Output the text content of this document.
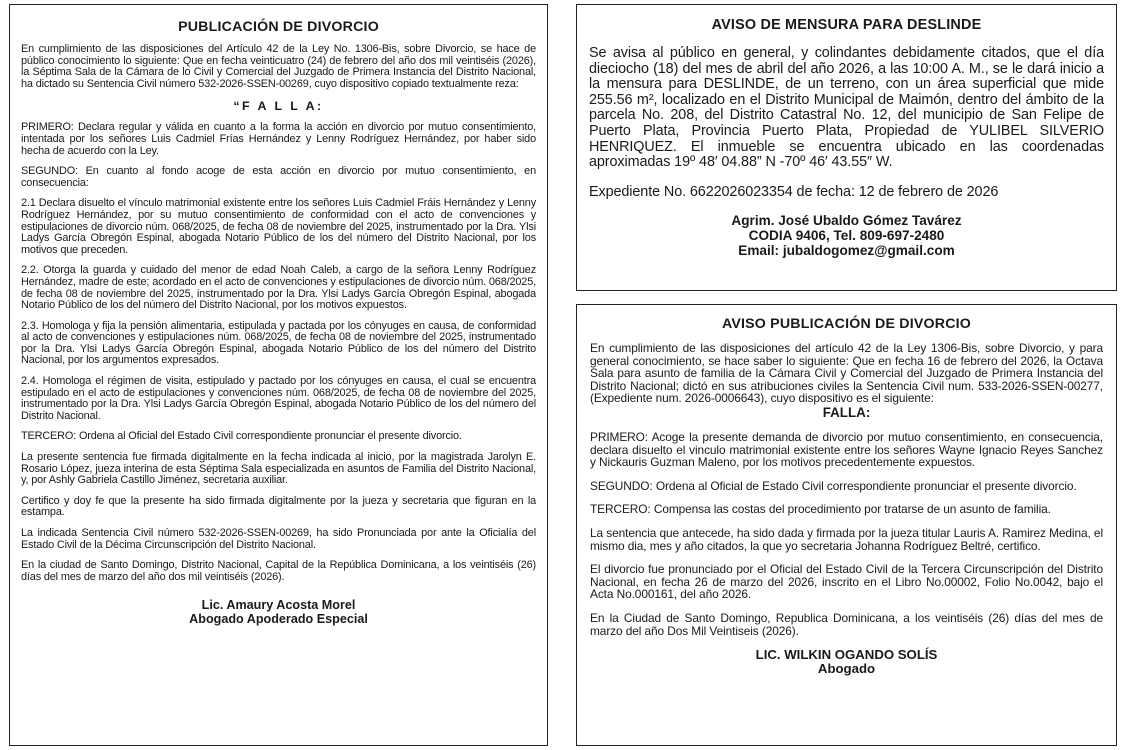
PUBLICACIÓN DE DIVORCIO

En cumplimiento de las disposiciones del Artículo 42 de la Ley No. 1306-Bis, sobre Divorcio, se hace de público conocimiento lo siguiente: Que en fecha veinticuatro (24) de febrero del año dos mil veintiséis (2026), la Séptima Sala de la Cámara de lo Civil y Comercial del Juzgado de Primera Instancia del Distrito Nacional, ha dictado su Sentencia Civil número 532-2026-SSEN-00269, cuyo dispositivo copiado textualmente reza:

“F A L L A:

PRIMERO: Declara regular y válida en cuanto a la forma la acción en divorcio por mutuo consentimiento, intentada por los señores Luis Cadmiel Frías Hernández y Lenny Rodríguez Hernández, por haber sido hecha de acuerdo con la Ley.

SEGUNDO: En cuanto al fondo acoge de esta acción en divorcio por mutuo consentimiento, en consecuencia:

2.1 Declara disuelto el vínculo matrimonial existente entre los señores Luis Cadmiel Fráis Hernández y Lenny Rodríguez Hernández, por su mutuo consentimiento de conformidad con el acto de convenciones y estipulaciones de divorcio núm. 068/2025, de fecha 08 de noviembre del 2025, instrumentado por la Dra. Ylsi Ladys García Obregón Espinal, abogada Notario Público de los del número del Distrito Nacional, por los motivos que preceden.

2.2. Otorga la guarda y cuidado del menor de edad Noah Caleb, a cargo de la señora Lenny Rodríguez Hernández, madre de este; acordado en el acto de convenciones y estipulaciones de divorcio núm. 068/2025, de fecha 08 de noviembre del 2025, instrumentado por la Dra. Ylsi Ladys García Obregón Espinal, abogada Notario Público de los del número del Distrito Nacional, por los motivos expuestos.

2.3. Homologa y fija la pensión alimentaria, estipulada y pactada por los cónyuges en causa, de conformidad al acto de convenciones y estipulaciones núm. 068/2025, de fecha 08 de noviembre del 2025, instrumentado por la Dra. Ylsi Ladys García Obregón Espinal, abogada Notario Público de los del número del Distrito Nacional, por los argumentos expresados.

2.4. Homologa el régimen de visita, estipulado y pactado por los cónyuges en causa, el cual se encuentra estipulado en el acto de estipulaciones y convenciones núm. 068/2025, de fecha 08 de noviembre del 2025, instrumentado por la Dra. Ylsi Ladys García Obregón Espinal, abogada Notario Público de los del número del Distrito Nacional.

TERCERO: Ordena al Oficial del Estado Civil correspondiente pronunciar el presente divorcio.

La presente sentencia fue firmada digitalmente en la fecha indicada al inicio, por la magistrada Jarolyn E. Rosario López, jueza interina de esta Séptima Sala especializada en asuntos de Familia del Distrito Nacional, y, por Ashly Gabriela Castillo Jiménez, secretaria auxiliar.

Certifico y doy fe que la presente ha sido firmada digitalmente por la jueza y secretaria que figuran en la estampa.

La indicada Sentencia Civil número 532-2026-SSEN-00269, ha sido Pronunciada por ante la Oficialía del Estado Civil de la Décima Circunscripción del Distrito Nacional.

En la ciudad de Santo Domingo, Distrito Nacional, Capital de la República Dominicana, a los veintiséis (26) días del mes de marzo del año dos mil veintiséis (2026).

Lic. Amaury Acosta Morel
Abogado Apoderado Especial
AVISO DE MENSURA PARA DESLINDE

Se avisa al público en general, y colindantes debidamente citados, que el día dieciocho (18) del mes de abril del año 2026, a las 10:00 A. M., se le dará inicio a la mensura para DESLINDE, de un terreno, con un área superficial que mide 255.56 m², localizado en el Distrito Municipal de Maimón, dentro del ámbito de la parcela No. 208, del Distrito Catastral No. 12, del municipio de San Felipe de Puerto Plata, Provincia Puerto Plata, Propiedad de YULIBEL SILVERIO HENRIQUEZ. El inmueble se encuentra ubicado en las coordenadas aproximadas 19º 48′ 04.88” N -70º 46′ 43.55″ W.

Expediente No. 6622026023354 de fecha: 12 de febrero de 2026

Agrim. José Ubaldo Gómez Tavárez
CODIA 9406, Tel. 809-697-2480
Email: jubaldogomez@gmail.com
AVISO PUBLICACIÓN DE DIVORCIO

En cumplimiento de las disposiciones del artículo 42 de la Ley 1306-Bis, sobre Divorcio, y para general conocimiento, se hace saber lo siguiente: Que en fecha 16 de febrero del 2026, la Octava Sala para asunto de familia de la Cámara Civil y Comercial del Juzgado de Primera Instancia del Distrito Nacional; dictó en sus atribuciones civiles la Sentencia Civil num. 533-2026-SSEN-00277, (Expediente num. 2026-0006643), cuyo dispositivo es el siguiente:

FALLA:

PRIMERO: Acoge la presente demanda de divorcio por mutuo consentimiento, en consecuencia, declara disuelto el vinculo matrimonial existente entre los señores Wayne Ignacio Reyes Sanchez y Nickauris Guzman Maleno, por los motivos precedentemente expuestos.

SEGUNDO: Ordena al Oficial de Estado Civil correspondiente pronunciar el presente divorcio.

TERCERO: Compensa las costas del procedimiento por tratarse de un asunto de familia.

La sentencia que antecede, ha sido dada y firmada por la jueza titular Lauris A. Ramirez Medina, el mismo dia, mes y año citados, la que yo secretaria Johanna Rodríguez Beltré, certifico.

El divorcio fue pronunciado por el Oficial del Estado Civil de la Tercera Circunscripción del Distrito Nacional, en fecha 26 de marzo del 2026, inscrito en el Libro No.00002, Folio No.0042, bajo el Acta No.000161, del año 2026.

En la Ciudad de Santo Domingo, Republica Dominicana, a los veintiséis (26) días del mes de marzo del año Dos Mil Veintiseis (2026).

LIC. WILKIN OGANDO SOLÍS
Abogado
